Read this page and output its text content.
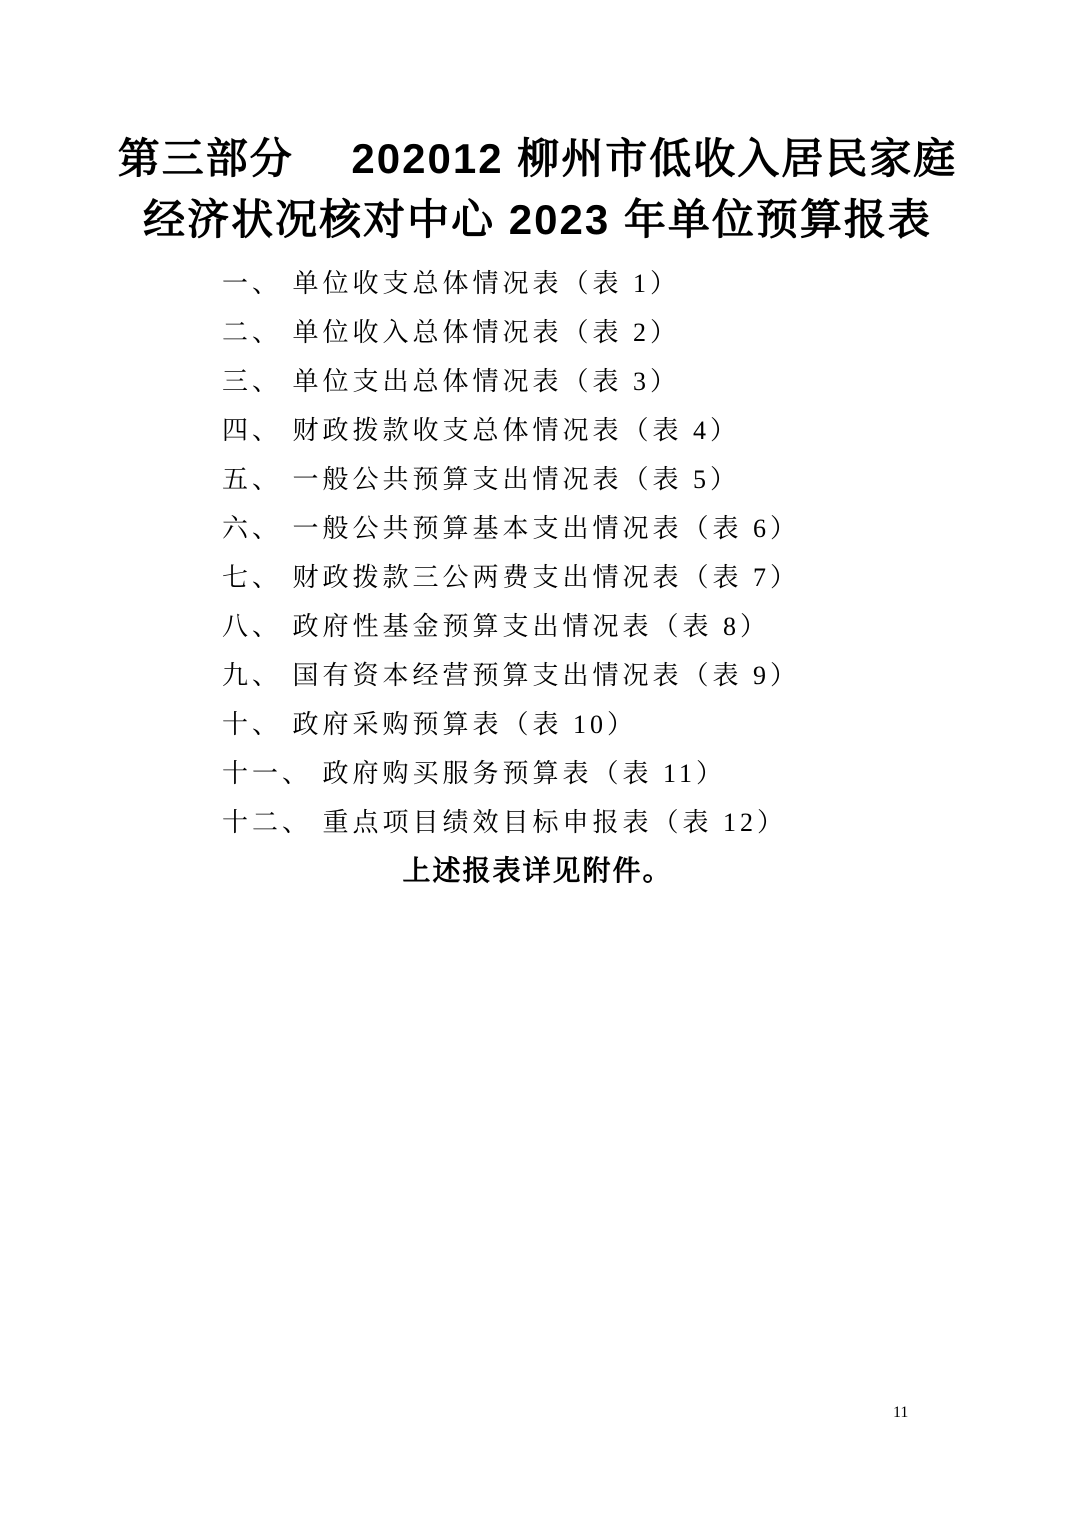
第三部分　 202012 柳州市低收入居民家庭
经济状况核对中心 2023 年单位预算报表
一、 单位收支总体情况表（表 1）
二、 单位收入总体情况表（表 2）
三、 单位支出总体情况表（表 3）
四、 财政拨款收支总体情况表（表 4）
五、 一般公共预算支出情况表（表 5）
六、 一般公共预算基本支出情况表（表 6）
七、 财政拨款三公两费支出情况表（表 7）
八、 政府性基金预算支出情况表（表 8）
九、 国有资本经营预算支出情况表（表 9）
十、 政府采购预算表（表 10）
十一、 政府购买服务预算表（表 11）
十二、 重点项目绩效目标申报表（表 12）
上述报表详见附件。
11
